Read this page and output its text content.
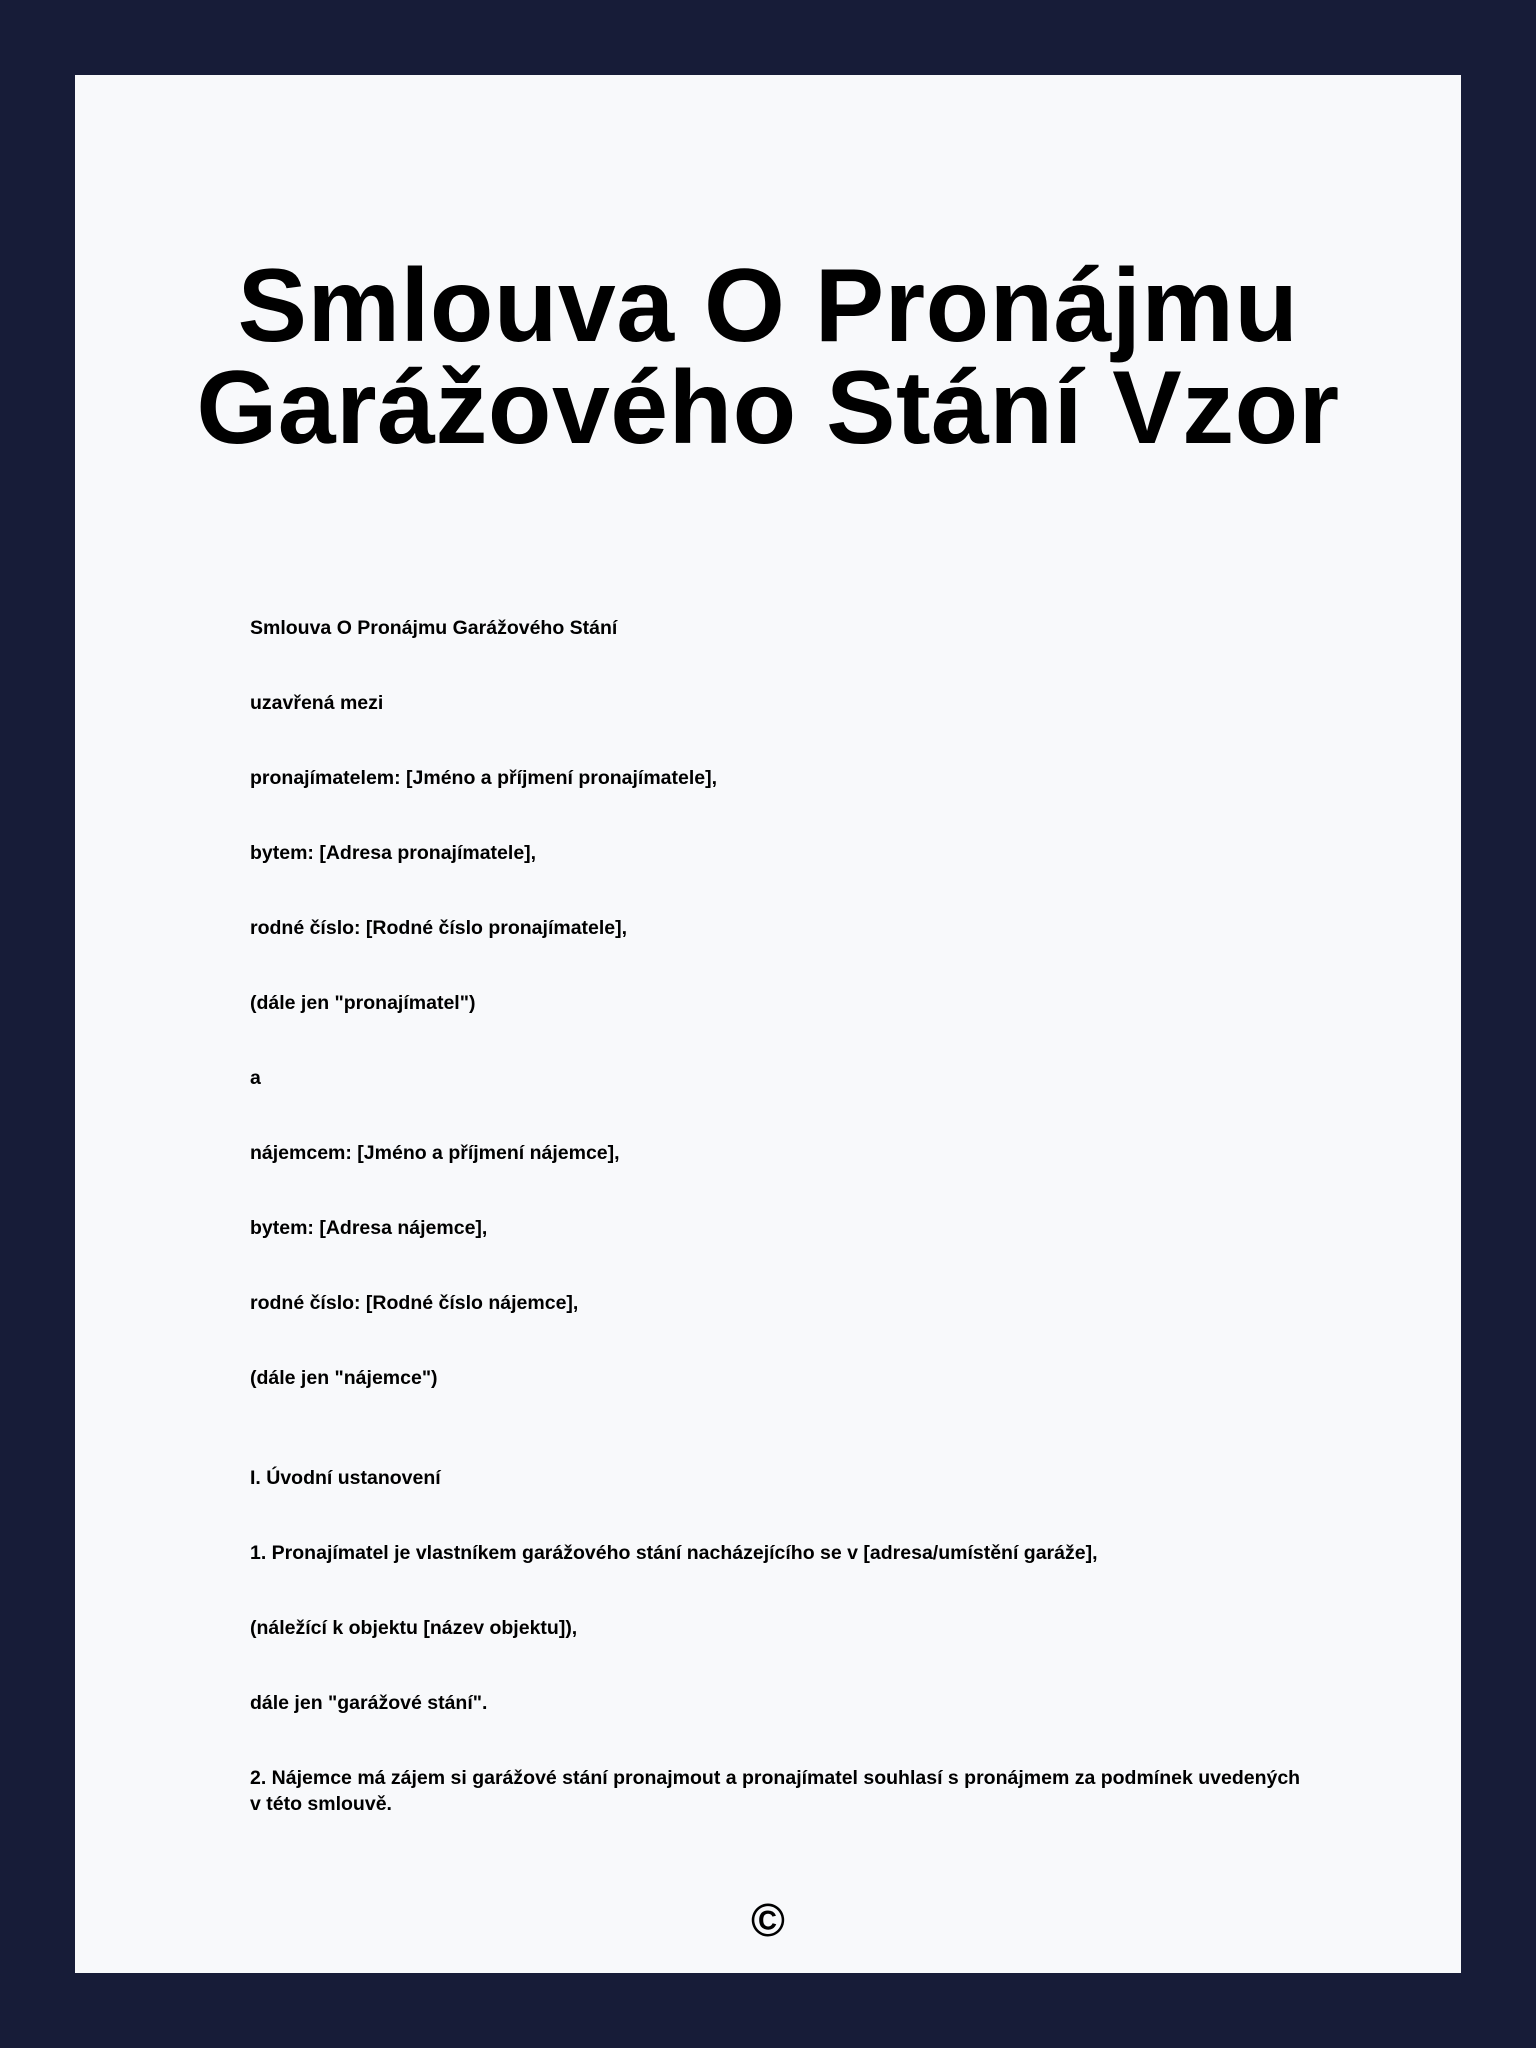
Smlouva O Pronájmu
Garážového Stání Vzor

Smlouva O Pronájmu Garážového Stání

uzavřená mezi

pronajímatelem: [Jméno a příjmení pronajímatele],

bytem: [Adresa pronajímatele],

rodné číslo: [Rodné číslo pronajímatele],

(dále jen "pronajímatel")

a

nájemcem: [Jméno a příjmení nájemce],

bytem: [Adresa nájemce],

rodné číslo: [Rodné číslo nájemce],

(dále jen "nájemce")

I. Úvodní ustanovení

1. Pronajímatel je vlastníkem garážového stání nacházejícího se v [adresa/umístění garáže],

(náležící k objektu [název objektu]),

dále jen "garážové stání".

2. Nájemce má zájem si garážové stání pronajmout a pronajímatel souhlasí s pronájmem za podmínek uvedených v této smlouvě.

©
